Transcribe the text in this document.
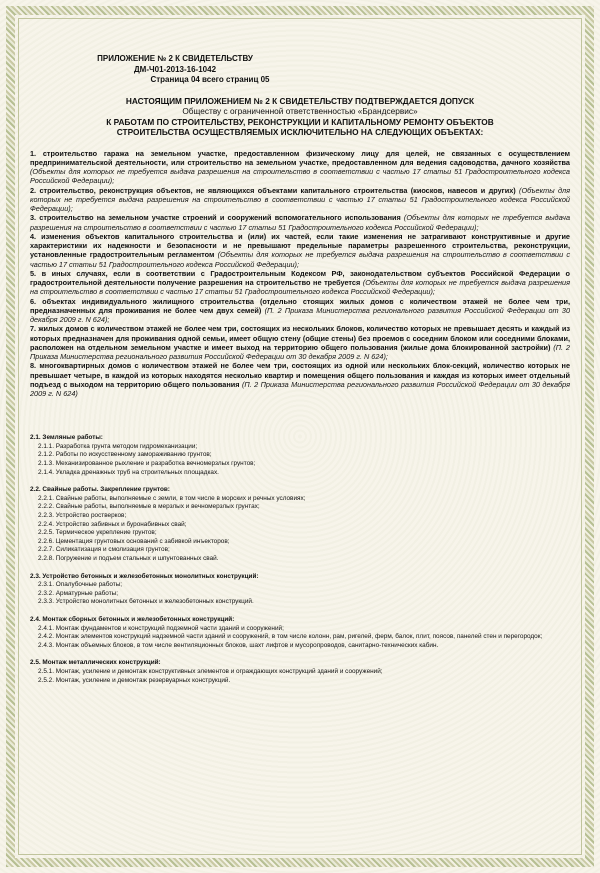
ПРИЛОЖЕНИЕ № 2 К СВИДЕТЕЛЬСТВУ
ДМ-Ч01-2013-16-1042
Страница 04 всего страниц 05
НАСТОЯЩИМ ПРИЛОЖЕНИЕМ № 2 К СВИДЕТЕЛЬСТВУ ПОДТВЕРЖДАЕТСЯ ДОПУСК
Обществу с ограниченной ответственностью «Брандсервис»
К РАБОТАМ ПО СТРОИТЕЛЬСТВУ, РЕКОНСТРУКЦИИ И КАПИТАЛЬНОМУ РЕМОНТУ ОБЪЕКТОВ
СТРОИТЕЛЬСТВА ОСУЩЕСТВЛЯЕМЫХ ИСКЛЮЧИТЕЛЬНО НА СЛЕДУЮЩИХ ОБЪЕКТАХ:

1. строительство гаража на земельном участке, предоставленном физическому лицу для целей, не связанных с осуществлением предпринимательской деятельности, или строительство на земельном участке, предоставленном для ведения садоводства, дачного хозяйства (Объекты для которых не требуется выдача разрешения на строительство в соответствии с частью 17 статьи 51 Градостроительного кодекса Российской Федерации);

2. строительство, реконструкция объектов, не являющихся объектами капитального строительства (киосков, навесов и других) (Объекты для которых не требуется выдача разрешения на строительство в соответствии с частью 17 статьи 51 Градостроительного кодекса Российской Федерации);

3. строительство на земельном участке строений и сооружений вспомогательного использования (Объекты для которых не требуется выдача разрешения на строительство в соответствии с частью 17 статьи 51 Градостроительного кодекса Российской Федерации);

4. изменения объектов капитального строительства и (или) их частей, если такие изменения не затрагивают конструктивные и другие характеристики их надежности и безопасности и не превышают предельные параметры разрешенного строительства, реконструкции, установленные градостроительным регламентом (Объекты для которых не требуется выдача разрешения на строительство в соответствии с частью 17 статьи 51 Градостроительного кодекса Российской Федерации);

5. в иных случаях, если в соответствии с Градостроительным Кодексом РФ, законодательством субъектов Российской Федерации о градостроительной деятельности получение разрешения на строительство не требуется (Объекты для которых не требуется выдача разрешения на строительство в соответствии с частью 17 статьи 51 Градостроительного кодекса Российской Федерации);

6. объектах индивидуального жилищного строительства (отдельно стоящих жилых домов с количеством этажей не более чем три, предназначенных для проживания не более чем двух семей) (П. 2 Приказа Министерства регионального развития Российской Федерации от 30 декабря 2009 г. N 624);

7. жилых домов с количеством этажей не более чем три, состоящих из нескольких блоков, количество которых не превышает десять и каждый из которых предназначен для проживания одной семьи, имеет общую стену (общие стены) без проемов с соседним блоком или соседними блоками, расположен на отдельном земельном участке и имеет выход на территорию общего пользования (жилые дома блокированной застройки) (П. 2 Приказа Министерства регионального развития Российской Федерации от 30 декабря 2009 г. N 624);

8. многоквартирных домов с количеством этажей не более чем три, состоящих из одной или нескольких блок-секций, количество которых не превышает четыре, в каждой из которых находятся несколько квартир и помещения общего пользования и каждая из которых имеет отдельный подъезд с выходом на территорию общего пользования (П. 2 Приказа Министерства регионального развития Российской Федерации от 30 декабря 2009 г. N 624)

2.1. Земляные работы:
2.1.1. Разработка грунта методом гидромеханизации;
2.1.2. Работы по искусственному замораживанию грунтов;
2.1.3. Механизированное рыхление и разработка вечномерзлых грунтов;
2.1.4. Укладка дренажных труб на строительных площадках.
2.2. Свайные работы. Закрепление грунтов:
2.2.1. Свайные работы, выполняемые с земли, в том числе в морских и речных условиях;
2.2.2. Свайные работы, выполняемые в мерзлых и вечномерзлых грунтах;
2.2.3. Устройство ростверков;
2.2.4. Устройство забивных и буронабивных свай;
2.2.5. Термическое укрепление грунтов;
2.2.6. Цементация грунтовых оснований с забивкой инъекторов;
2.2.7. Силикатизация и смолизация грунтов;
2.2.8. Погружение и подъем стальных и шпунтованных свай.
2.3. Устройство бетонных и железобетонных монолитных конструкций:
2.3.1. Опалубочные работы;
2.3.2. Арматурные работы;
2.3.3. Устройство монолитных бетонных и железобетонных конструкций.
2.4. Монтаж сборных бетонных и железобетонных конструкций:
2.4.1. Монтаж фундаментов и конструкций подземной части зданий и сооружений;
2.4.2. Монтаж элементов конструкций надземной части зданий и сооружений, в том числе колонн, рам, ригелей, ферм, балок, плит, поясов, панелей стен и перегородок;
2.4.3. Монтаж объемных блоков, в том числе вентиляционных блоков, шахт лифтов и мусоропроводов, санитарно-технических кабин.
2.5. Монтаж металлических конструкций:
2.5.1. Монтаж, усиление и демонтаж конструктивных элементов и ограждающих конструкций зданий и сооружений;
2.5.2. Монтаж, усиление и демонтаж резервуарных конструкций.
